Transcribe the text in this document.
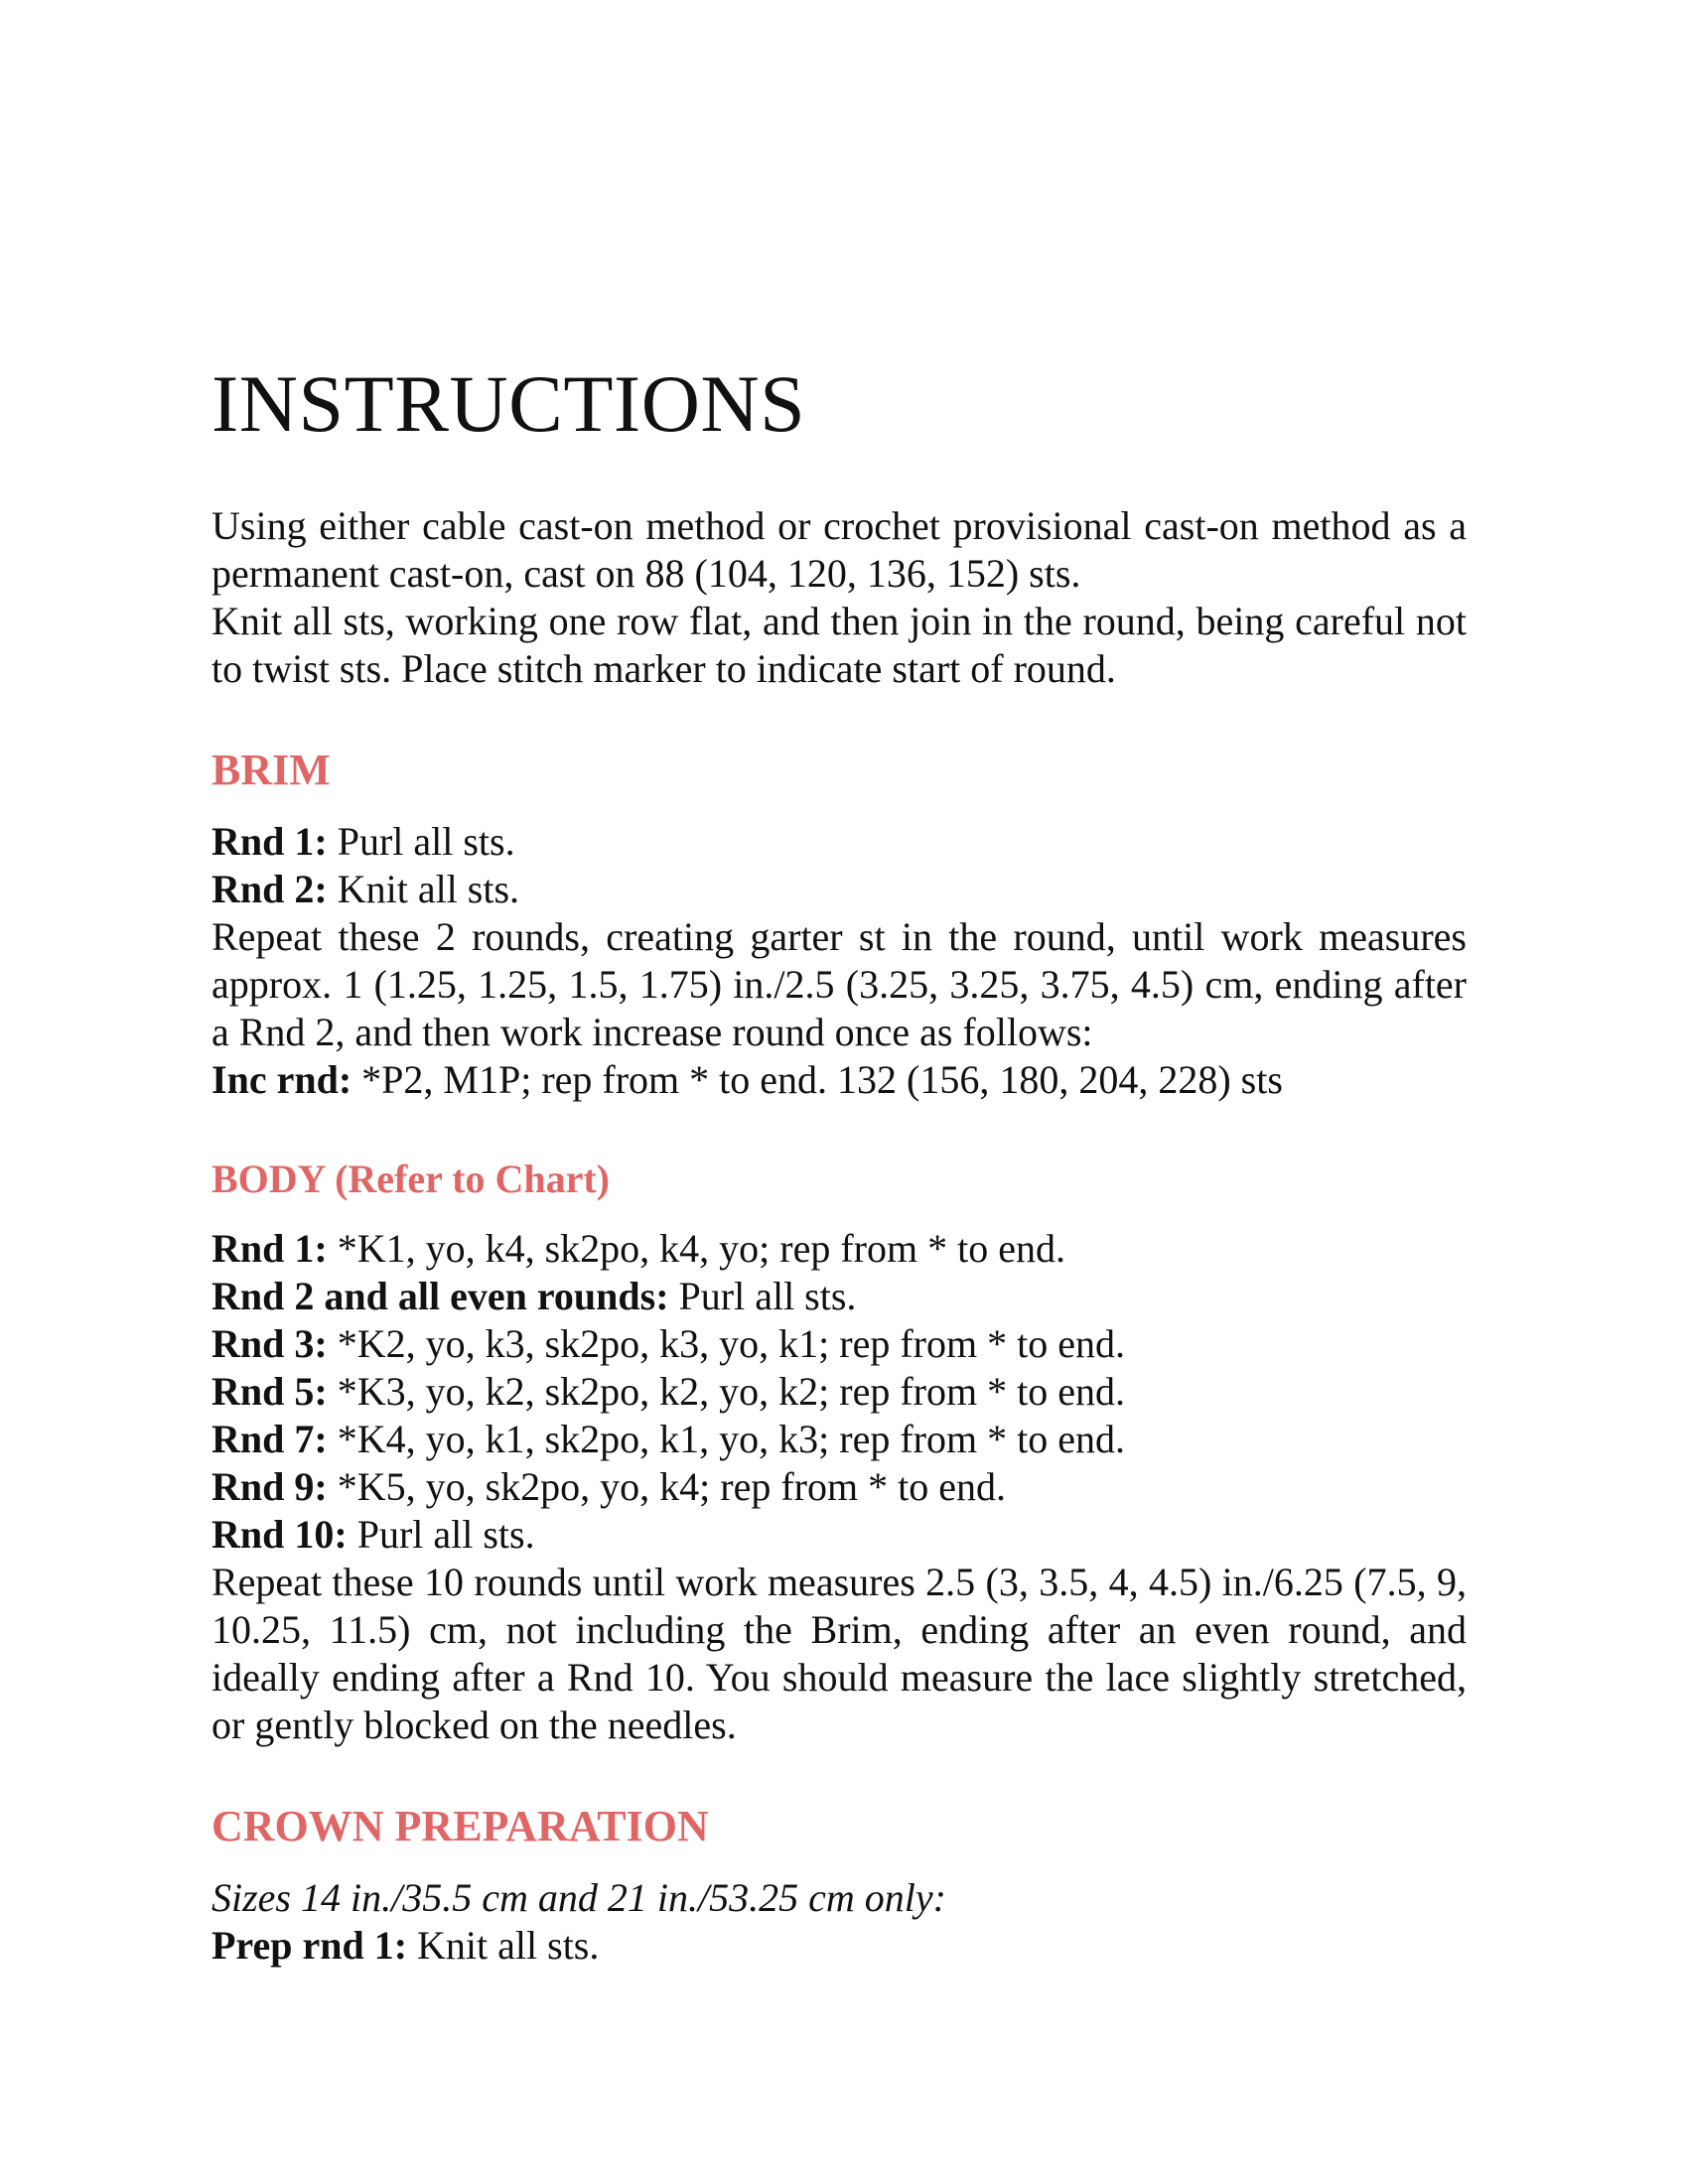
INSTRUCTIONS

Using either cable cast-on method or crochet provisional cast-on method as a permanent cast-on, cast on 88 (104, 120, 136, 152) sts.

Knit all sts, working one row flat, and then join in the round, being careful not to twist sts. Place stitch marker to indicate start of round.

BRIM

Rnd 1: Purl all sts.

Rnd 2: Knit all sts.

Repeat these 2 rounds, creating garter st in the round, until work measures approx. 1 (1.25, 1.25, 1.5, 1.75) in./2.5 (3.25, 3.25, 3.75, 4.5) cm, ending after a Rnd 2, and then work increase round once as follows:

Inc rnd: *P2, M1P; rep from * to end. 132 (156, 180, 204, 228) sts

BODY (Refer to Chart)

Rnd 1: *K1, yo, k4, sk2po, k4, yo; rep from * to end.

Rnd 2 and all even rounds: Purl all sts.

Rnd 3: *K2, yo, k3, sk2po, k3, yo, k1; rep from * to end.

Rnd 5: *K3, yo, k2, sk2po, k2, yo, k2; rep from * to end.

Rnd 7: *K4, yo, k1, sk2po, k1, yo, k3; rep from * to end.

Rnd 9: *K5, yo, sk2po, yo, k4; rep from * to end.

Rnd 10: Purl all sts.

Repeat these 10 rounds until work measures 2.5 (3, 3.5, 4, 4.5) in./6.25 (7.5, 9, 10.25, 11.5) cm, not including the Brim, ending after an even round, and ideally ending after a Rnd 10. You should measure the lace slightly stretched, or gently blocked on the needles.

CROWN PREPARATION

Sizes 14 in./35.5 cm and 21 in./53.25 cm only:

Prep rnd 1: Knit all sts.
